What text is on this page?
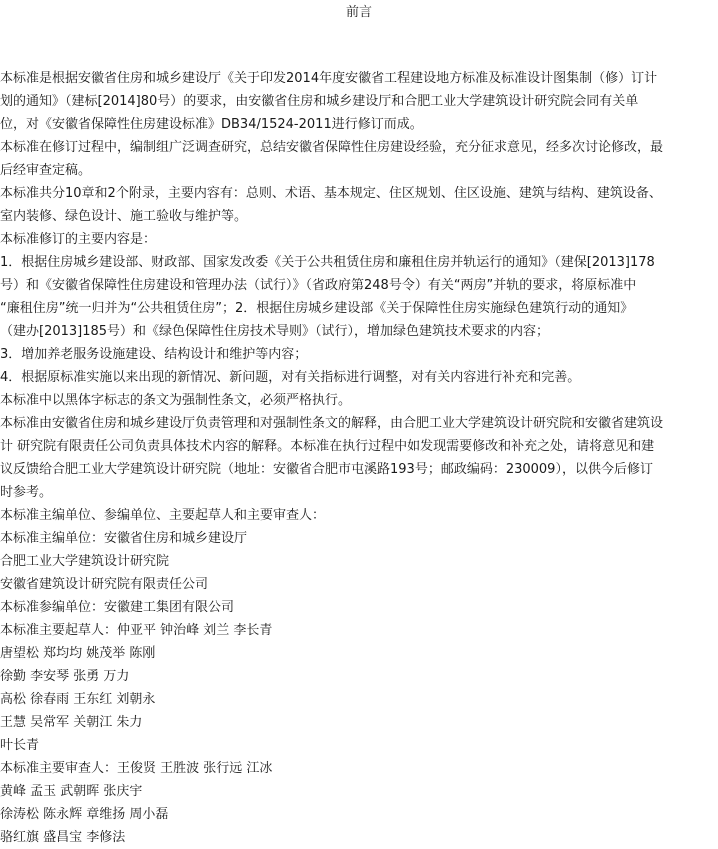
前言
本标准是根据安徽省住房和城乡建设厅《关于印发2014年度安徽省工程建设地方标准及标准设计图集制（修）订计
划的通知》（建标[2014]80号）的要求，由安徽省住房和城乡建设厅和合肥工业大学建筑设计研究院会同有关单
位，对《安徽省保障性住房建设标准》DB34/1524-2011进行修订而成。
本标准在修订过程中，编制组广泛调查研究，总结安徽省保障性住房建设经验，充分征求意见，经多次讨论修改，最
后经审查定稿。
本标准共分10章和2个附录，主要内容有：总则、术语、基本规定、住区规划、住区设施、建筑与结构、建筑设备、
室内装修、绿色设计、施工验收与维护等。
本标准修订的主要内容是：
1．根据住房城乡建设部、财政部、国家发改委《关于公共租赁住房和廉租住房并轨运行的通知》（建保[2013]178
号）和《安徽省保障性住房建设和管理办法（试行）》（省政府第248号令）有关“两房”并轨的要求，将原标准中
“廉租住房”统一归并为“公共租赁住房”；2．根据住房城乡建设部《关于保障性住房实施绿色建筑行动的通知》
（建办[2013]185号）和《绿色保障性住房技术导则》（试行），增加绿色建筑技术要求的内容；
3．增加养老服务设施建设、结构设计和维护等内容；
4．根据原标准实施以来出现的新情况、新问题，对有关指标进行调整，对有关内容进行补充和完善。
本标准中以黑体字标志的条文为强制性条文，必须严格执行。
本标准由安徽省住房和城乡建设厅负责管理和对强制性条文的解释，由合肥工业大学建筑设计研究院和安徽省建筑设
计 研究院有限责任公司负责具体技术内容的解释。本标准在执行过程中如发现需要修改和补充之处，请将意见和建
议反馈给合肥工业大学建筑设计研究院（地址：安徽省合肥市屯溪路193号；邮政编码：230009），以供今后修订
时参考。
本标准主编单位、参编单位、主要起草人和主要审查人：
本标准主编单位：安徽省住房和城乡建设厅
合肥工业大学建筑设计研究院
安徽省建筑设计研究院有限责任公司
本标准参编单位：安徽建工集团有限公司
本标准主要起草人：仲亚平 钟治峰 刘兰 李长青
唐望松 郑均均 姚茂举 陈刚
徐勤 李安琴 张勇 万力
高松 徐春雨 王东红 刘朝永
王慧 吴常军 关朝江 朱力
叶长青
本标准主要审查人：王俊贤 王胜波 张行远 江冰
黄峰 孟玉 武朝晖 张庆宇
徐涛松 陈永辉 章维扬 周小磊
骆红旗 盛昌宝 李修法
